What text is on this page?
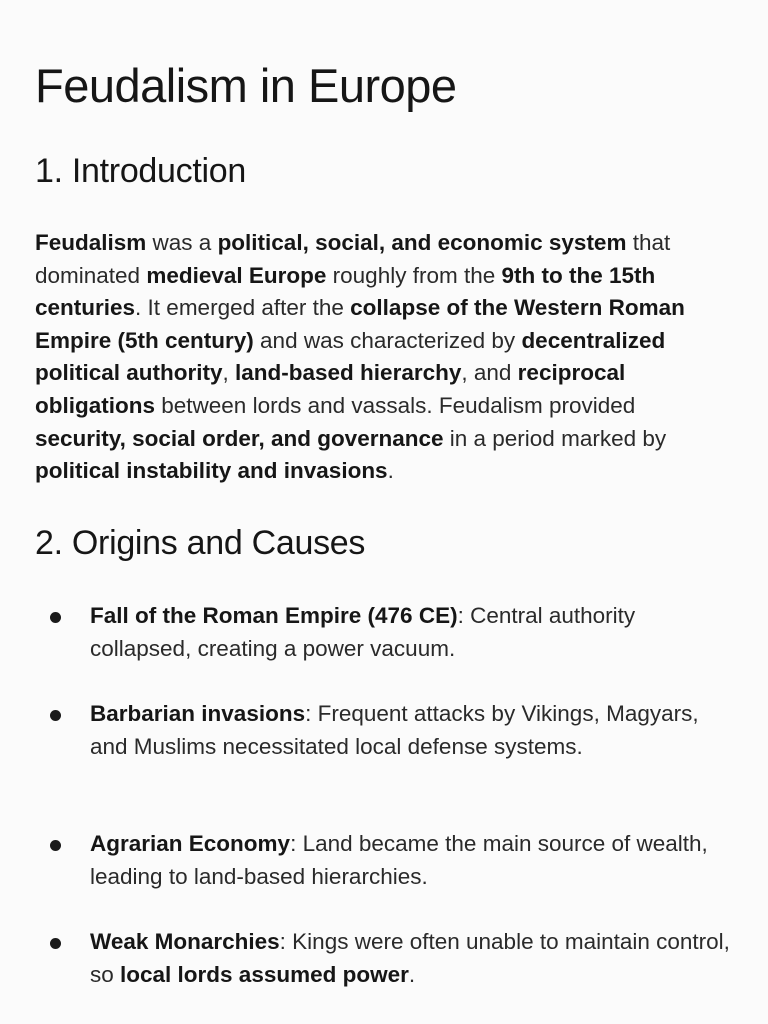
Feudalism in Europe
1. Introduction

Feudalism was a political, social, and economic system that dominated medieval Europe roughly from the 9th to the 15th centuries. It emerged after the collapse of the Western Roman Empire (5th century) and was characterized by decentralized political authority, land-based hierarchy, and reciprocal obligations between lords and vassals. Feudalism provided security, social order, and governance in a period marked by political instability and invasions.

2. Origins and Causes
Fall of the Roman Empire (476 CE): Central authority collapsed, creating a power vacuum.
Barbarian invasions: Frequent attacks by Vikings, Magyars, and Muslims necessitated local defense systems.
Agrarian Economy: Land became the main source of wealth, leading to land-based hierarchies.
Weak Monarchies: Kings were often unable to maintain control, so local lords assumed power.
